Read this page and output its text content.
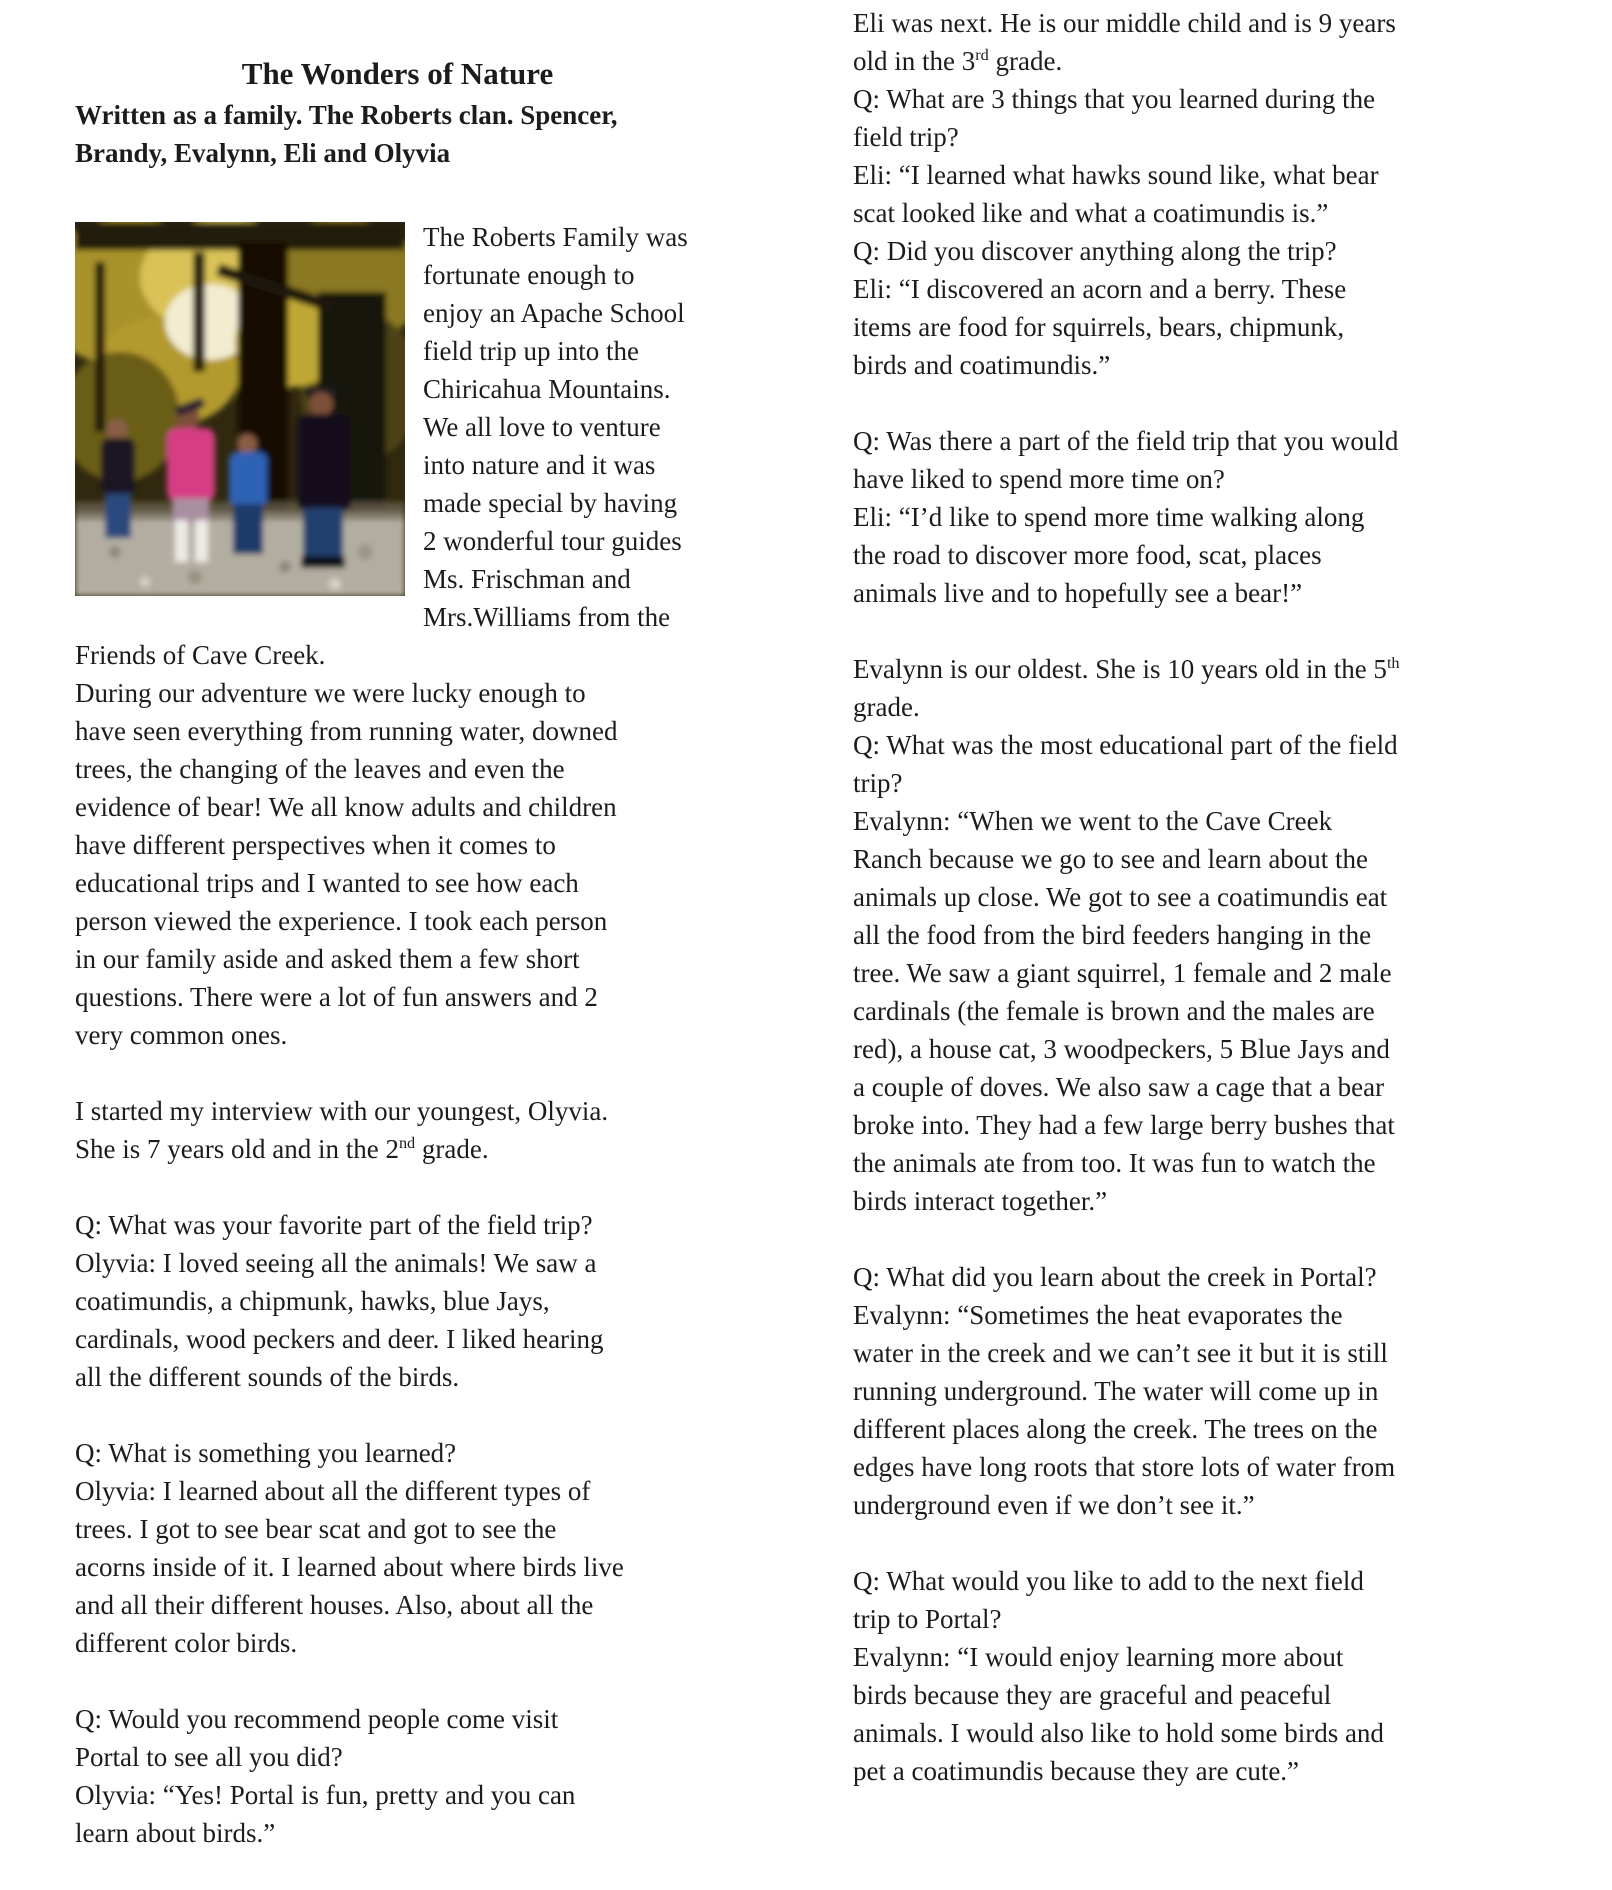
The Wonders of Nature
Written as a family. The Roberts clan. Spencer,
Brandy, Evalynn, Eli and Olyvia

The Roberts Family was
fortunate enough to
enjoy an Apache School
field trip up into the
Chiricahua Mountains.
We all love to venture
into nature and it was
made special by having
2 wonderful tour guides
Ms. Frischman and
Mrs.Williams from the Friends of Cave Creek.
During our adventure we were lucky enough to
have seen everything from running water, downed
trees, the changing of the leaves and even the
evidence of bear! We all know adults and children
have different perspectives when it comes to
educational trips and I wanted to see how each
person viewed the experience. I took each person
in our family aside and asked them a few short
questions. There were a lot of fun answers and 2
very common ones.

I started my interview with our youngest, Olyvia.
She is 7 years old and in the 2nd grade.

Q: What was your favorite part of the field trip?
Olyvia: I loved seeing all the animals! We saw a
coatimundis, a chipmunk, hawks, blue Jays,
cardinals, wood peckers and deer. I liked hearing
all the different sounds of the birds.

Q: What is something you learned?
Olyvia: I learned about all the different types of
trees. I got to see bear scat and got to see the
acorns inside of it. I learned about where birds live
and all their different houses. Also, about all the
different color birds.

Q: Would you recommend people come visit
Portal to see all you did?
Olyvia: “Yes! Portal is fun, pretty and you can
learn about birds.”

Eli was next. He is our middle child and is 9 years
old in the 3rd grade.
Q: What are 3 things that you learned during the
field trip?
Eli: “I learned what hawks sound like, what bear
scat looked like and what a coatimundis is.”
Q: Did you discover anything along the trip?
Eli: “I discovered an acorn and a berry. These
items are food for squirrels, bears, chipmunk,
birds and coatimundis.”

Q: Was there a part of the field trip that you would
have liked to spend more time on?
Eli: “I’d like to spend more time walking along
the road to discover more food, scat, places
animals live and to hopefully see a bear!”

Evalynn is our oldest. She is 10 years old in the 5th
grade.
Q: What was the most educational part of the field
trip?
Evalynn: “When we went to the Cave Creek
Ranch because we go to see and learn about the
animals up close. We got to see a coatimundis eat
all the food from the bird feeders hanging in the
tree. We saw a giant squirrel, 1 female and 2 male
cardinals (the female is brown and the males are
red), a house cat, 3 woodpeckers, 5 Blue Jays and
a couple of doves. We also saw a cage that a bear
broke into. They had a few large berry bushes that
the animals ate from too. It was fun to watch the
birds interact together.”

Q: What did you learn about the creek in Portal?
Evalynn: “Sometimes the heat evaporates the
water in the creek and we can’t see it but it is still
running underground. The water will come up in
different places along the creek. The trees on the
edges have long roots that store lots of water from
underground even if we don’t see it.”

Q: What would you like to add to the next field
trip to Portal?
Evalynn: “I would enjoy learning more about
birds because they are graceful and peaceful
animals. I would also like to hold some birds and
pet a coatimundis because they are cute.”
